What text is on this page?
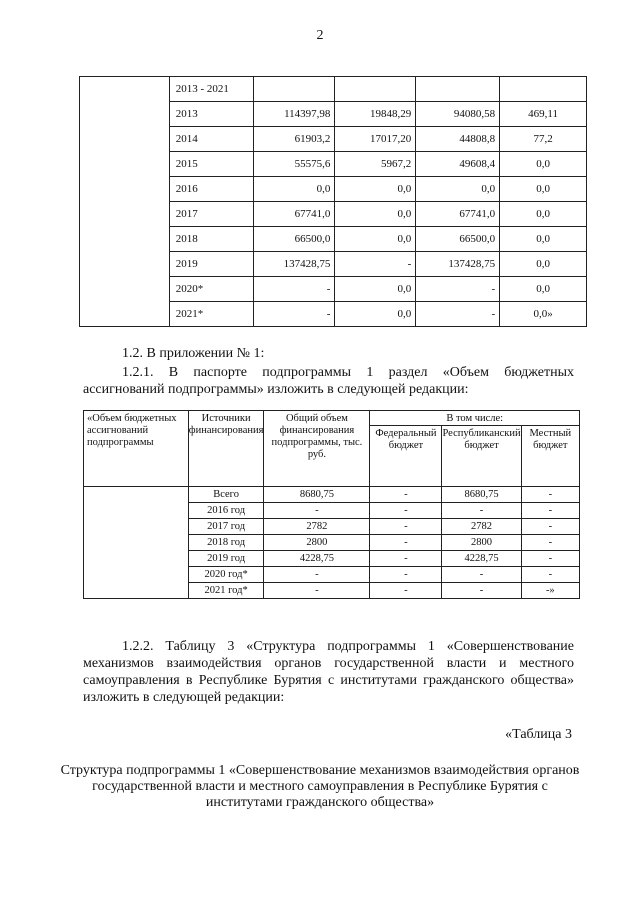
2
	2013 - 2021				
	2013	114397,98	19848,29	94080,58	469,11
	2014	61903,2	17017,20	44808,8	77,2
	2015	55575,6	5967,2	49608,4	0,0
	2016	0,0	0,0	0,0	0,0
	2017	67741,0	0,0	67741,0	0,0
	2018	66500,0	0,0	66500,0	0,0
	2019	137428,75	-	137428,75	0,0
	2020*	-	0,0	-	0,0
	2021*	-	0,0	-	0,0»

1.2. В приложении № 1:

1.2.1. В паспорте подпрограммы 1 раздел «Объем бюджетных ассигнований подпрограммы» изложить в следующей редакции:

«Объем бюджетных ассигнований подпрограммы	Источники финансирования	Общий объем финансирования подпрограммы, тыс. руб.	В том числе:		
			Федеральный бюджет	Республиканский бюджет	Местный бюджет
	Всего	8680,75	-	8680,75	-
	2016 год	-	-	-	-
	2017 год	2782	-	2782	-
	2018 год	2800	-	2800	-
	2019 год	4228,75	-	4228,75	-
	2020 год*	-	-	-	-
	2021 год*	-	-	-	-»

1.2.2. Таблицу 3 «Структура подпрограммы 1 «Совершенствование механизмов взаимодействия органов государственной власти и местного самоуправления в Республике Бурятия с институтами гражданского общества» изложить в следующей редакции:

«Таблица 3

Структура подпрограммы 1 «Совершенствование механизмов взаимодействия органов государственной власти и местного самоуправления в Республике Бурятия с институтами гражданского общества»
